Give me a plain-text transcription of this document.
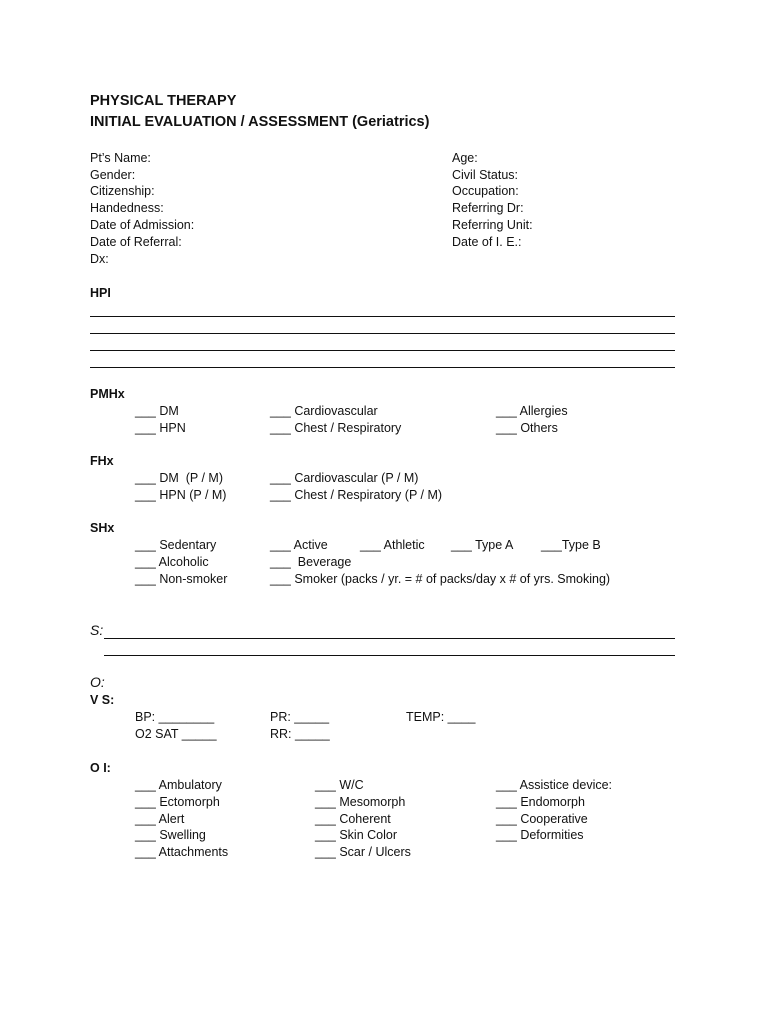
PHYSICAL THERAPY
INITIAL EVALUATION / ASSESSMENT (Geriatrics)
Pt’s Name:
Gender:
Citizenship:
Handedness:
Date of Admission:
Date of Referral:
Dx:
Age:
Civil Status:
Occupation:
Referring Dr:
Referring Unit:
Date of I. E.:
HPI
PMHx
___ DM
___ HPN
___ Cardiovascular
___ Chest / Respiratory
___ Allergies
___ Others
FHx
___ DM  (P / M)
___ HPN (P / M)
___ Cardiovascular (P / M)
___ Chest / Respiratory (P / M)
SHx
___ Sedentary
___ Alcoholic
___ Non-smoker
___ Active
___  Beverage
___ Smoker (packs / yr. = # of packs/day x # of yrs. Smoking)
___ Athletic ___ Type A ___Type B
S:
O:
V S:
BP: ________
O2 SAT _____
PR: _____
RR: _____
TEMP: ____
O I:
___ Ambulatory
___ Ectomorph
___ Alert
___ Swelling
___ Attachments
___ W/C
___ Mesomorph
___ Coherent
___ Skin Color
___ Scar / Ulcers
___ Assistice device:
___ Endomorph
___ Cooperative
___ Deformities
